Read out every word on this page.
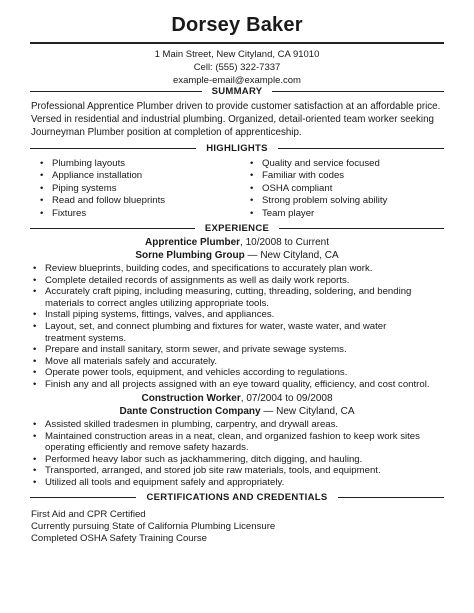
Dorsey Baker
1 Main Street, New Cityland, CA 91010
Cell: (555) 322-7337
example-email@example.com
SUMMARY
Professional Apprentice Plumber driven to provide customer satisfaction at an affordable price.
Versed in residential and industrial plumbing. Organized, detail-oriented team worker seeking
Journeyman Plumber position at completion of apprenticeship.
HIGHLIGHTS
• Plumbing layouts
• Appliance installation
• Piping systems
• Read and follow blueprints
• Fixtures
• Quality and service focused
• Familiar with codes
• OSHA compliant
• Strong problem solving ability
• Team player
EXPERIENCE
Apprentice Plumber, 10/2008 to Current
Sorne Plumbing Group — New Cityland, CA
• Review blueprints, building codes, and specifications to accurately plan work.
• Complete detailed records of assignments as well as daily work reports.
• Accurately craft piping, including measuring, cutting, threading, soldering, and bending
materials to correct angles utilizing appropriate tools.
• Install piping systems, fittings, valves, and appliances.
• Layout, set, and connect plumbing and fixtures for water, waste water, and water
treatment systems.
• Prepare and install sanitary, storm sewer, and private sewage systems.
• Move all materials safely and accurately.
• Operate power tools, equipment, and vehicles according to regulations.
• Finish any and all projects assigned with an eye toward quality, efficiency, and cost control.
Construction Worker, 07/2004 to 09/2008
Dante Construction Company — New Cityland, CA
• Assisted skilled tradesmen in plumbing, carpentry, and drywall areas.
• Maintained construction areas in a neat, clean, and organized fashion to keep work sites
operating efficiently and remove safety hazards.
• Performed heavy labor such as jackhammering, ditch digging, and hauling.
• Transported, arranged, and stored job site raw materials, tools, and equipment.
• Utilized all tools and equipment safely and appropriately.
CERTIFICATIONS AND CREDENTIALS
First Aid and CPR Certified
Currently pursuing State of California Plumbing Licensure
Completed OSHA Safety Training Course
